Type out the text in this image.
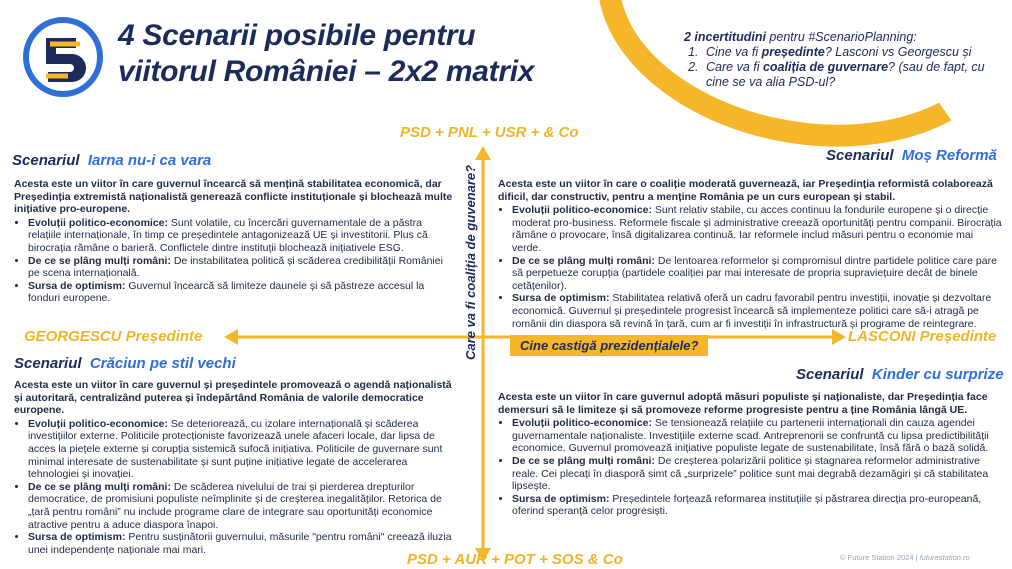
4 Scenarii posibile pentru
viitorul României – 2x2 matrix
2 incertitudini pentru #ScenarioPlanning:
1. Cine va fi președinte? Lasconi vs Georgescu și
2. Care va fi coaliția de guvernare? (sau de fapt, cu cine se va alia PSD-ul?
PSD + PNL + USR + & Co
PSD + AUR + POT + SOS & Co
GEORGESCU Președinte	LASCONI Președinte
Care va fi coaliția de guvenare?	Cine castigă prezidențialele?
Scenariul Iarna nu-i ca vara

Acesta este un viitor în care guvernul încearcă să mențină stabilitatea economică, dar Președinția extremistă naționalistă generează conflicte instituționale și blochează multe inițiative pro-europene.

• Evoluții politico-economice: Sunt volatile, cu încercări guvernamentale de a păstra relațiile internaționale, în timp ce președintele antagonizează UE și investitorii. Plus că birocrația rămâne o barieră. Conflictele dintre instituții blochează inițiativele ESG.
• De ce se plâng mulți români: De instabilitatea politică și scăderea credibilității României pe scena internațională.
• Sursa de optimism: Guvernul încearcă să limiteze daunele și să păstreze accesul la fonduri europene.
Scenariul Moș Reformă

Acesta este un viitor în care o coaliție moderată guvernează, iar Președinția reformistă colaborează dificil, dar constructiv, pentru a menține România pe un curs european și stabil.

• Evoluții politico-economice: Sunt relativ stabile, cu acces continuu la fondurile europene și o direcție moderat pro-business. Reformele fiscale și administrative creează oportunități pentru companii. Birocrația rămâne o provocare, însă digitalizarea continuă. Iar reformele includ măsuri pentru o economie mai verde.
• De ce se plâng mulți români: De lentoarea reformelor și compromisul dintre partidele politice care pare să perpetueze corupția (partidele coaliției par mai interesate de propria supraviețuire decât de binele cetățenilor).
• Sursa de optimism: Stabilitatea relativă oferă un cadru favorabil pentru investiții, inovație și dezvoltare economică. Guvernul și președintele progresist încearcă să implementeze politici care să-i atragă pe românii din diaspora să revină în țară, cum ar fi investiții în infrastructură și programe de reintegrare.
Scenariul Crăciun pe stil vechi

Acesta este un viitor în care guvernul și președintele promovează o agendă naționalistă și autoritară, centralizând puterea și îndepărtând România de valorile democratice europene.

• Evoluții politico-economice: Se deteriorează, cu izolare internațională și scăderea investițiilor externe. Politicile protecționiste favorizează unele afaceri locale, dar lipsa de acces la piețele externe și corupția sistemică sufocă inițiativa. Politicile de guvernare sunt minimal interesate de sustenabilitate și sunt puține inițiative legate de accelerarea tehnologiei și inovației.
• De ce se plâng mulți români: De scăderea nivelului de trai și pierderea drepturilor democratice, de promisiuni populiste neîmplinite și de creșterea inegalităților. Retorica de „țară pentru români” nu include programe clare de integrare sau oportunități economice atractive pentru a aduce diaspora înapoi.
• Sursa de optimism: Pentru susținătorii guvernului, măsurile "pentru români" creează iluzia unei independențe naționale mai mari.
Scenariul Kinder cu surprize

Acesta este un viitor în care guvernul adoptă măsuri populiste și naționaliste, dar Președinția face demersuri să le limiteze și să promoveze reforme progresiste pentru a ține România lângă UE.

• Evoluții politico-economice: Se tensionează relațiile cu partenerii internaționali din cauza agendei guvernamentale naționaliste. Investițiile externe scad. Antreprenorii se confruntă cu lipsa predictibilității economice. Guvernul promovează inițiative populiste legate de sustenabilitate, însă fără o bază solidă.
• De ce se plâng mulți români: De creșterea polarizării politice și stagnarea reformelor administrative reale. Cei plecați în diasporă simt că „surprizele” politice sunt mai degrabă dezamăgiri și că stabilitatea lipsește.
• Sursa de optimism: Președintele forțează reformarea instituțiile și păstrarea direcția pro-europeană, oferind speranță celor progresiști.
© Future Station 2024 | futurestation.ro
